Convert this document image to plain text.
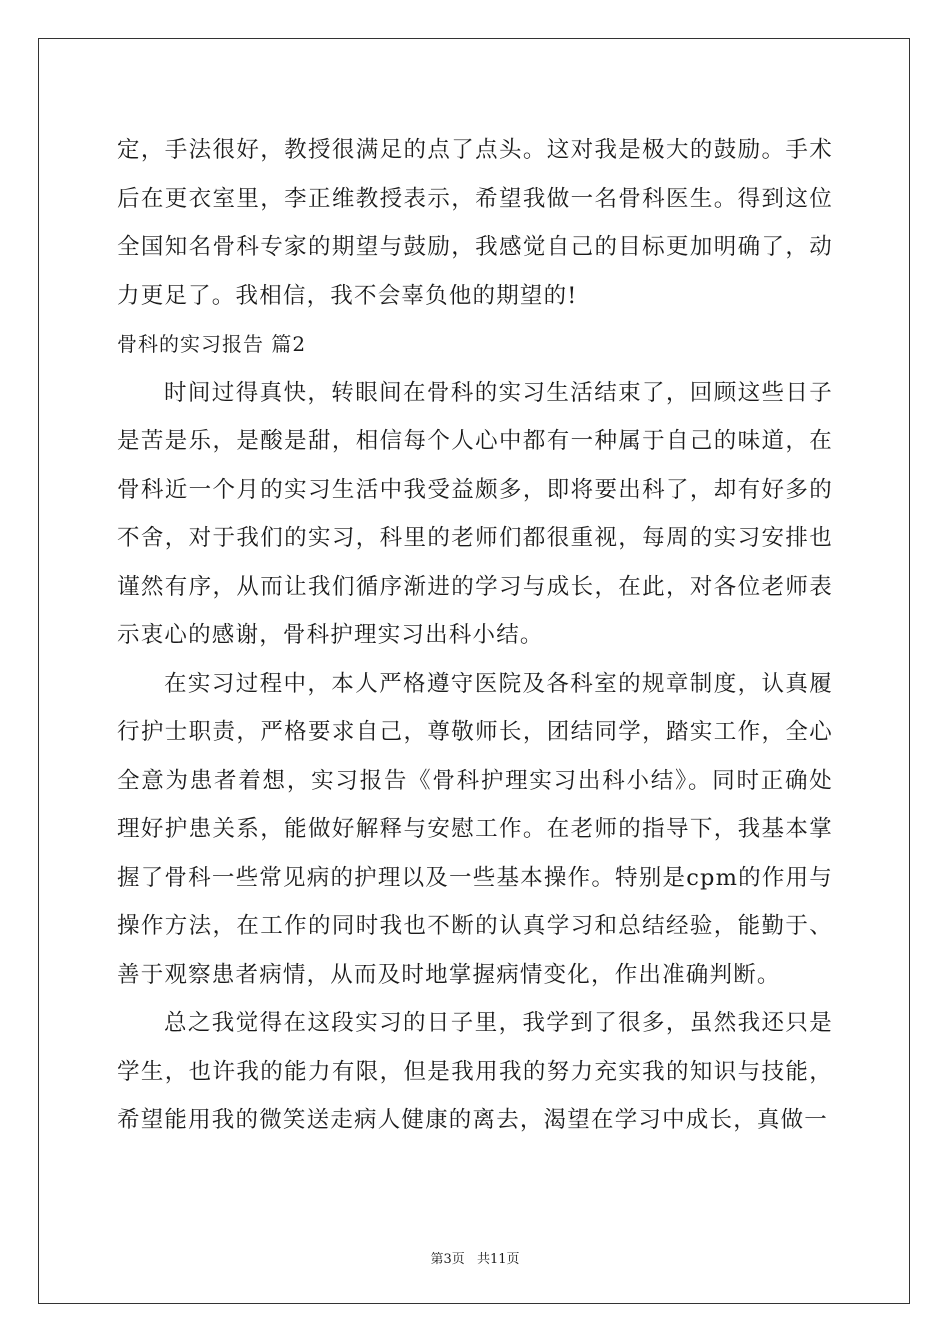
定，手法很好，教授很满足的点了点头。这对我是极大的鼓励。手术后在更衣室里，李正维教授表示，希望我做一名骨科医生。得到这位全国知名骨科专家的期望与鼓励，我感觉自己的目标更加明确了，动力更足了。我相信，我不会辜负他的期望的!

骨科的实习报告 篇2

时间过得真快，转眼间在骨科的实习生活结束了，回顾这些日子是苦是乐，是酸是甜，相信每个人心中都有一种属于自己的味道，在骨科近一个月的实习生活中我受益颇多，即将要出科了，却有好多的不舍，对于我们的实习，科里的老师们都很重视，每周的实习安排也谨然有序，从而让我们循序渐进的学习与成长，在此，对各位老师表示衷心的感谢，骨科护理实习出科小结。

在实习过程中，本人严格遵守医院及各科室的规章制度，认真履行护士职责，严格要求自己，尊敬师长，团结同学，踏实工作，全心全意为患者着想，实习报告《骨科护理实习出科小结》。同时正确处理好护患关系，能做好解释与安慰工作。在老师的指导下，我基本掌握了骨科一些常见病的护理以及一些基本操作。特别是cpm的作用与操作方法，在工作的同时我也不断的认真学习和总结经验，能勤于、善于观察患者病情，从而及时地掌握病情变化，作出准确判断。

总之我觉得在这段实习的日子里，我学到了很多，虽然我还只是学生，也许我的能力有限，但是我用我的努力充实我的知识与技能，希望能用我的微笑送走病人健康的离去，渴望在学习中成长，真做一

第3页 共11页
